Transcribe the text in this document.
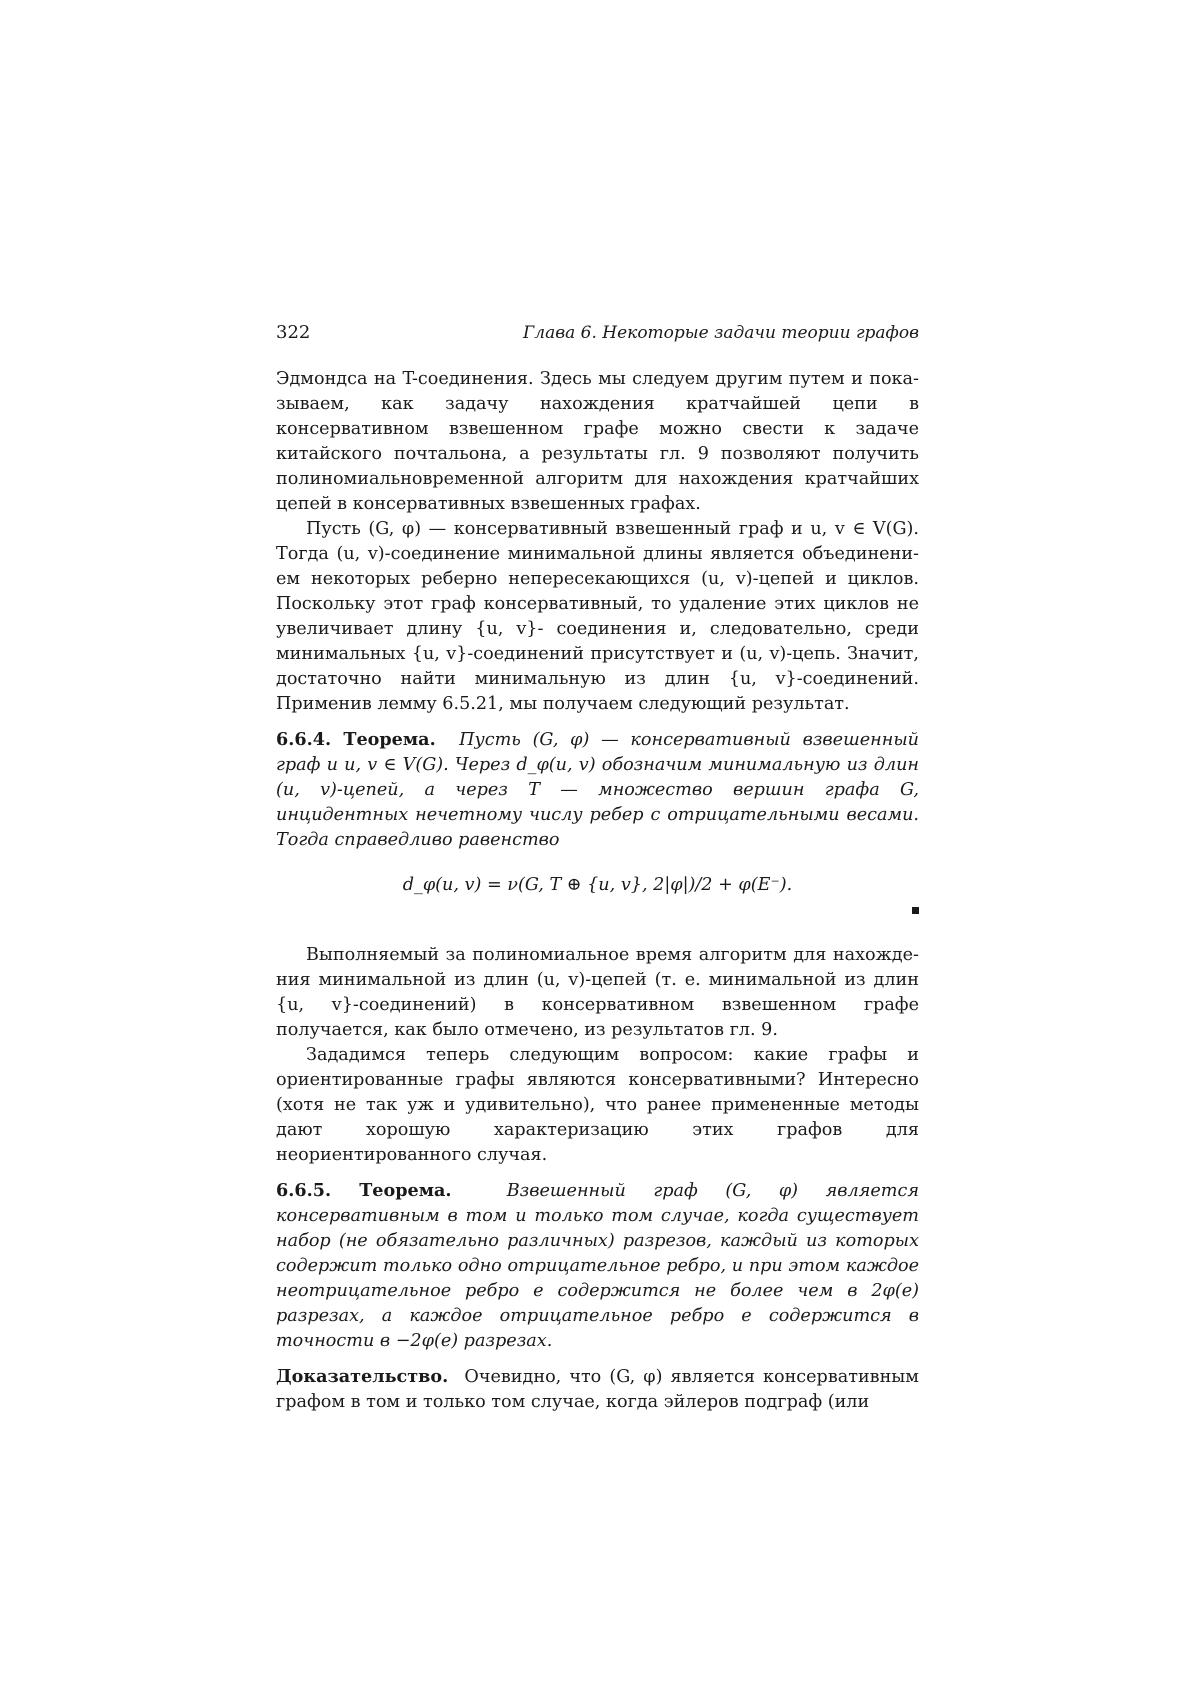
322	Глава 6. Некоторые задачи теории графов

Эдмондса на T-соединения. Здесь мы следуем другим путем и показываем, как задачу нахождения кратчайшей цепи в консервативном взвешенном графе можно свести к задаче китайского почтальона, а результаты гл. 9 позволяют получить полиномиальновременной алгоритм для нахождения кратчайших цепей в консервативных взвешенных графах.

Пусть (G, φ) — консервативный взвешенный граф и u, v ∈ V(G). Тогда (u, v)-соединение минимальной длины является объединением некоторых реберно непересекающихся (u, v)-цепей и циклов. Поскольку этот граф консервативный, то удаление этих циклов не увеличивает длину {u, v}- соединения и, следовательно, среди минимальных {u, v}-соединений присутствует и (u, v)-цепь. Значит, достаточно найти минимальную из длин {u, v}-соединений. Применив лемму 6.5.21, мы получаем следующий результат.

6.6.4. Теорема. Пусть (G, φ) — консервативный взвешенный граф и u, v ∈ V(G). Через d_φ(u, v) обозначим минимальную из длин (u, v)-цепей, а через T — множество вершин графа G, инцидентных нечетному числу ребер с отрицательными весами. Тогда справедливо равенство

d_φ(u, v) = ν(G, T ⊕ {u, v}, 2|φ|)/2 + φ(E⁻).

Выполняемый за полиномиальное время алгоритм для нахождения минимальной из длин (u, v)-цепей (т. е. минимальной из длин {u, v}-соединений) в консервативном взвешенном графе получается, как было отмечено, из результатов гл. 9.

Зададимся теперь следующим вопросом: какие графы и ориентированные графы являются консервативными? Интересно (хотя не так уж и удивительно), что ранее примененные методы дают хорошую характеризацию этих графов для неориентированного случая.

6.6.5. Теорема.	Взвешенный граф (G, φ) является консервативным в том и только том случае, когда существует набор (не обязательно различных) разрезов, каждый из которых содержит только одно отрицательное ребро, и при этом каждое неотрицательное ребро e содержится не более чем в 2φ(e) разрезах, а каждое отрицательное ребро e содержится в точности в −2φ(e) разрезах.

Доказательство. Очевидно, что (G, φ) является консервативным графом в том и только том случае, когда эйлеров подграф (или
